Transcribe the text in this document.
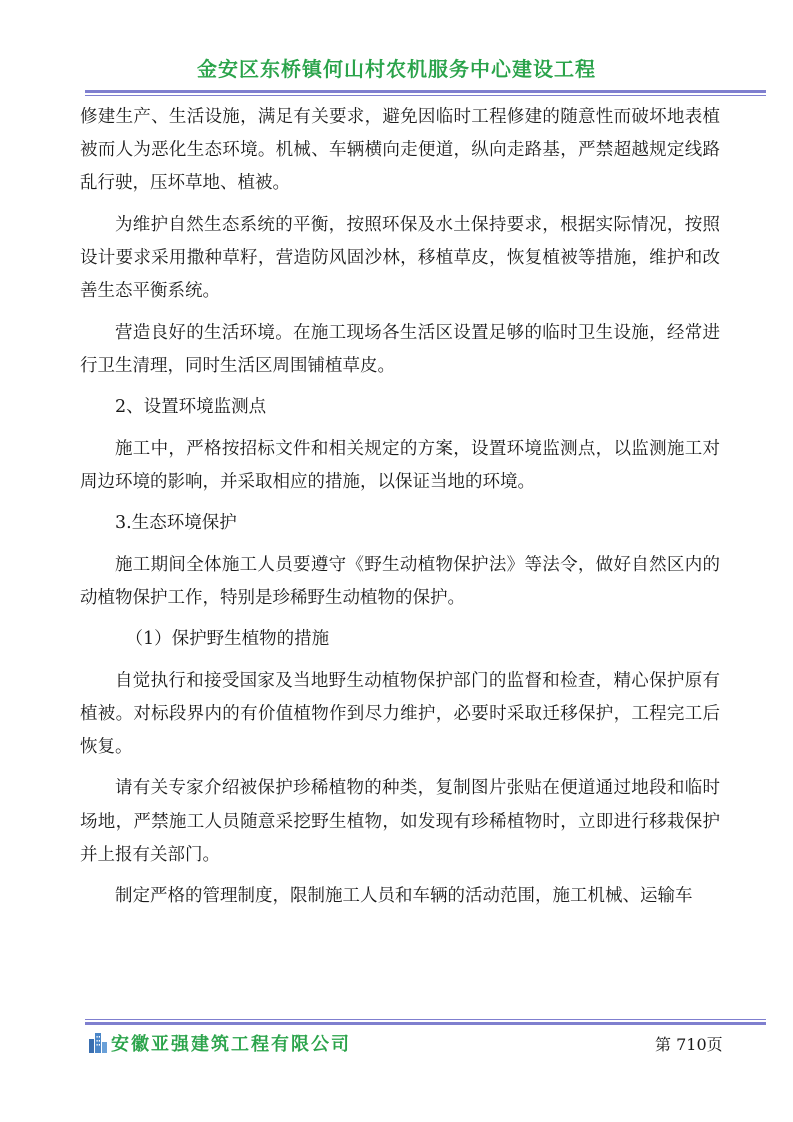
金安区东桥镇何山村农机服务中心建设工程

修建生产、生活设施，满足有关要求，避免因临时工程修建的随意性而破坏地表植被而人为恶化生态环境。机械、车辆横向走便道，纵向走路基，严禁超越规定线路乱行驶，压坏草地、植被。

为维护自然生态系统的平衡，按照环保及水土保持要求，根据实际情况，按照设计要求采用撒种草籽，营造防风固沙林，移植草皮，恢复植被等措施，维护和改善生态平衡系统。

营造良好的生活环境。在施工现场各生活区设置足够的临时卫生设施，经常进行卫生清理，同时生活区周围铺植草皮。

2、设置环境监测点

施工中，严格按招标文件和相关规定的方案，设置环境监测点，以监测施工对周边环境的影响，并采取相应的措施，以保证当地的环境。

3.生态环境保护

施工期间全体施工人员要遵守《野生动植物保护法》等法令，做好自然区内的动植物保护工作，特别是珍稀野生动植物的保护。

（1）保护野生植物的措施

自觉执行和接受国家及当地野生动植物保护部门的监督和检查，精心保护原有植被。对标段界内的有价值植物作到尽力维护，必要时采取迁移保护，工程完工后恢复。

请有关专家介绍被保护珍稀植物的种类，复制图片张贴在便道通过地段和临时场地，严禁施工人员随意采挖野生植物，如发现有珍稀植物时，立即进行移栽保护并上报有关部门。

制定严格的管理制度，限制施工人员和车辆的活动范围，施工机械、运输车

安徽亚强建筑工程有限公司	第 710页
